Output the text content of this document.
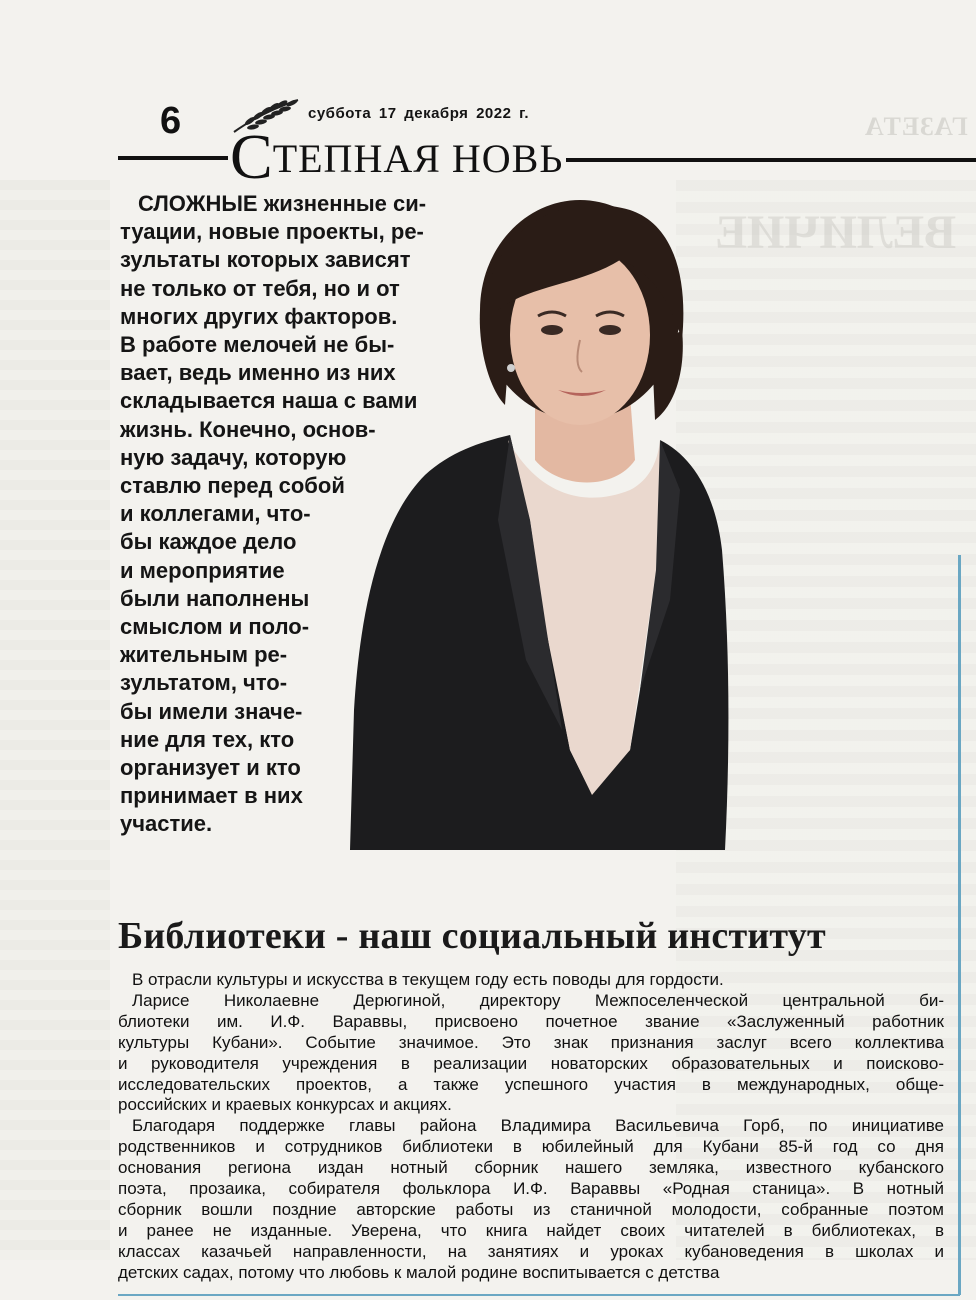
ГАЗЕТА
ВЕЛИЧИЕ
6	суббота 17 декабря 2022 г.
СТЕПНАЯ НОВЬ
СЛОЖНЫЕ жизненные си-
туации, новые проекты, ре-
зультаты которых зависят
не только от тебя, но и от
многих других факторов.
В работе мелочей не бы-
вает, ведь именно из них
складывается наша с вами
жизнь. Конечно, основ-
ную задачу, которую
ставлю перед собой
и коллегами, что-
бы каждое дело
и мероприятие
были наполнены
смыслом и поло-
жительным ре-
зультатом, что-
бы имели значе-
ние для тех, кто
организует и кто
принимает в них
участие.
Библиотеки - наш социальный институт
В отрасли культуры и искусства в текущем году есть поводы для гордости.
Ларисе Николаевне Дерюгиной, директору Межпоселенческой центральной би-
блиотеки им. И.Ф. Вараввы, присвоено почетное звание «Заслуженный работник
культуры Кубани». Событие значимое. Это знак признания заслуг всего коллектива
и руководителя учреждения в реализации новаторских образовательных и поисково-
исследовательских проектов, а также успешного участия в международных, обще-
российских и краевых конкурсах и акциях.
Благодаря поддержке главы района Владимира Васильевича Горб, по инициативе
родственников и сотрудников библиотеки в юбилейный для Кубани 85-й год со дня
основания региона издан нотный сборник нашего земляка, известного кубанского
поэта, прозаика, собирателя фольклора И.Ф. Вараввы «Родная станица». В нотный
сборник вошли поздние авторские работы из станичной молодости, собранные поэтом
и ранее не изданные. Уверена, что книга найдет своих читателей в библиотеках, в
классах казачьей направленности, на занятиях и уроках кубановедения в школах и
детских садах, потому что любовь к малой родине воспитывается с детства
